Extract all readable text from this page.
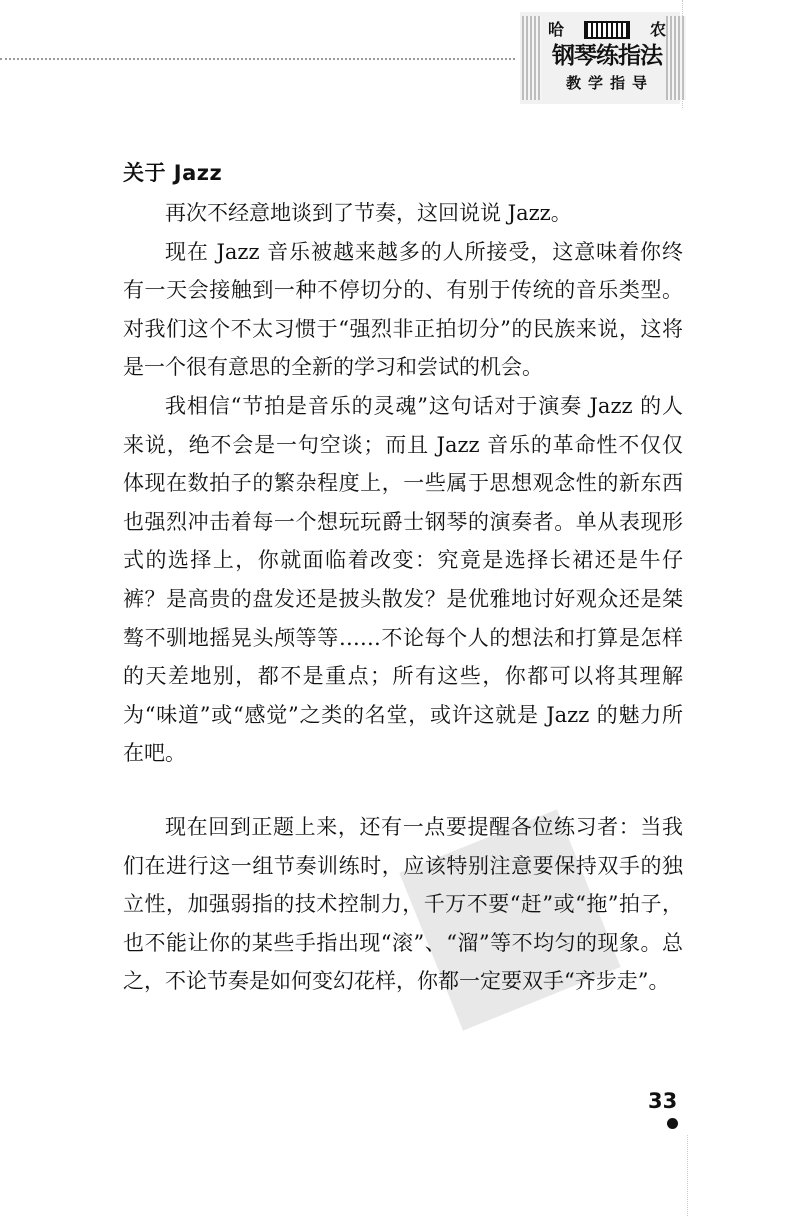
哈	农
钢琴练指法
教学指导
关于 Jazz

再次不经意地谈到了节奏，这回说说 Jazz。

现在 Jazz 音乐被越来越多的人所接受，这意味着你终有一天会接触到一种不停切分的、有别于传统的音乐类型。对我们这个不太习惯于“强烈非正拍切分”的民族来说，这将是一个很有意思的全新的学习和尝试的机会。

我相信“节拍是音乐的灵魂”这句话对于演奏 Jazz 的人来说，绝不会是一句空谈；而且 Jazz 音乐的革命性不仅仅体现在数拍子的繁杂程度上，一些属于思想观念性的新东西也强烈冲击着每一个想玩玩爵士钢琴的演奏者。单从表现形式的选择上，你就面临着改变：究竟是选择长裙还是牛仔裤？是高贵的盘发还是披头散发？是优雅地讨好观众还是桀骜不驯地摇晃头颅等等……不论每个人的想法和打算是怎样的天差地别，都不是重点；所有这些，你都可以将其理解为“味道”或“感觉”之类的名堂，或许这就是 Jazz 的魅力所在吧。

现在回到正题上来，还有一点要提醒各位练习者：当我们在进行这一组节奏训练时，应该特别注意要保持双手的独立性，加强弱指的技术控制力，千万不要“赶”或“拖”拍子，也不能让你的某些手指出现“滚”、“溜”等不均匀的现象。总之，不论节奏是如何变幻花样，你都一定要双手“齐步走”。

33
